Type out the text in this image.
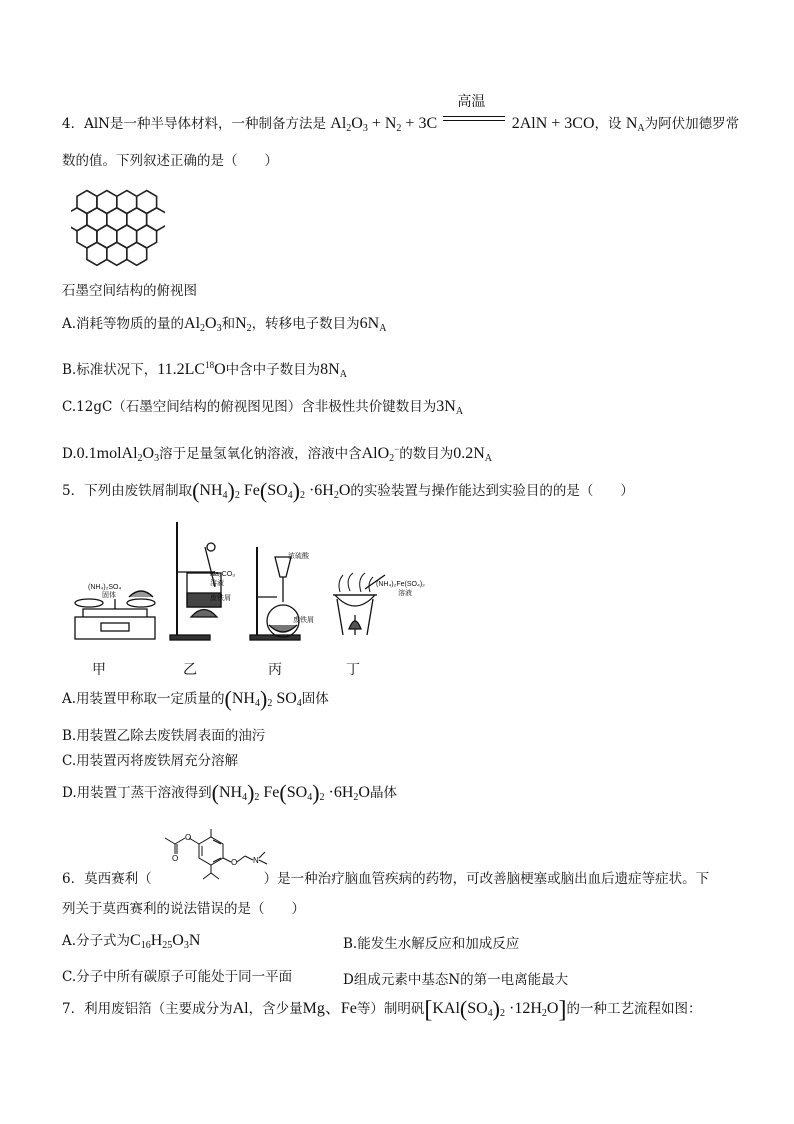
4．AlN是一种半导体材料，一种制备方法是 $Al_2O_3 + N_2 + 3C$
高温
2AlN + 3CO，设 $N_A$为阿伏加德罗常
数的值。下列叙述正确的是（　　）
石墨空间结构的俯视图
A.消耗等物质的量的$Al_2O_3$和$N_2$，转移电子数目为$6N_A$
B.标准状况下，11.2LC$^{18}$O中含中子数目为$8N_A$
C.12gC（石墨空间结构的俯视图见图）含非极性共价键数目为$3N_A$
$D.0.1molAl_2O_3$溶于足量氢氧化钠溶液，溶液中含AlO$_2$−的数目为$0.2N_A$
5．下列由废铁屑制取$(NH_4)_2$ $Fe(SO_4)_2 \cdot 6H_2O$的实验装置与操作能达到实验目的的是（　　）
(NH₄)₂SO₄
固体
Na₂CO₃
溶液
废铁屑
浓硫酸
废铁屑
(NH₄)₂Fe(SO₄)₂
溶液
甲	乙	丙	丁
A.用装置甲称取一定质量的$(NH_4)_2$ $SO_4$固体
B.用装置乙除去废铁屑表面的油污
C.用装置丙将废铁屑充分溶解
D.用装置丁蒸干溶液得到$(NH_4)_2$ $Fe(SO_4)_2 \cdot 6H_2O$晶体
O
O	O N
6．莫西赛利（	）是一种治疗脑血管疾病的药物，可改善脑梗塞或脑出血后遗症等症状。下
列关于莫西赛利的说法错误的是（　　）
A.分子式为$C_{16}H_{25}O_3N$	B.能发生水解反应和加成反应
C.分子中所有碳原子可能处于同一平面	D组成元素中基态N的第一电离能最大
7．利用废铝箔（主要成分为Al，含少量Mg、Fe等）制明矾$[KAl(SO_4)_2 \cdot 12H_2O]$的一种工艺流程如图：
